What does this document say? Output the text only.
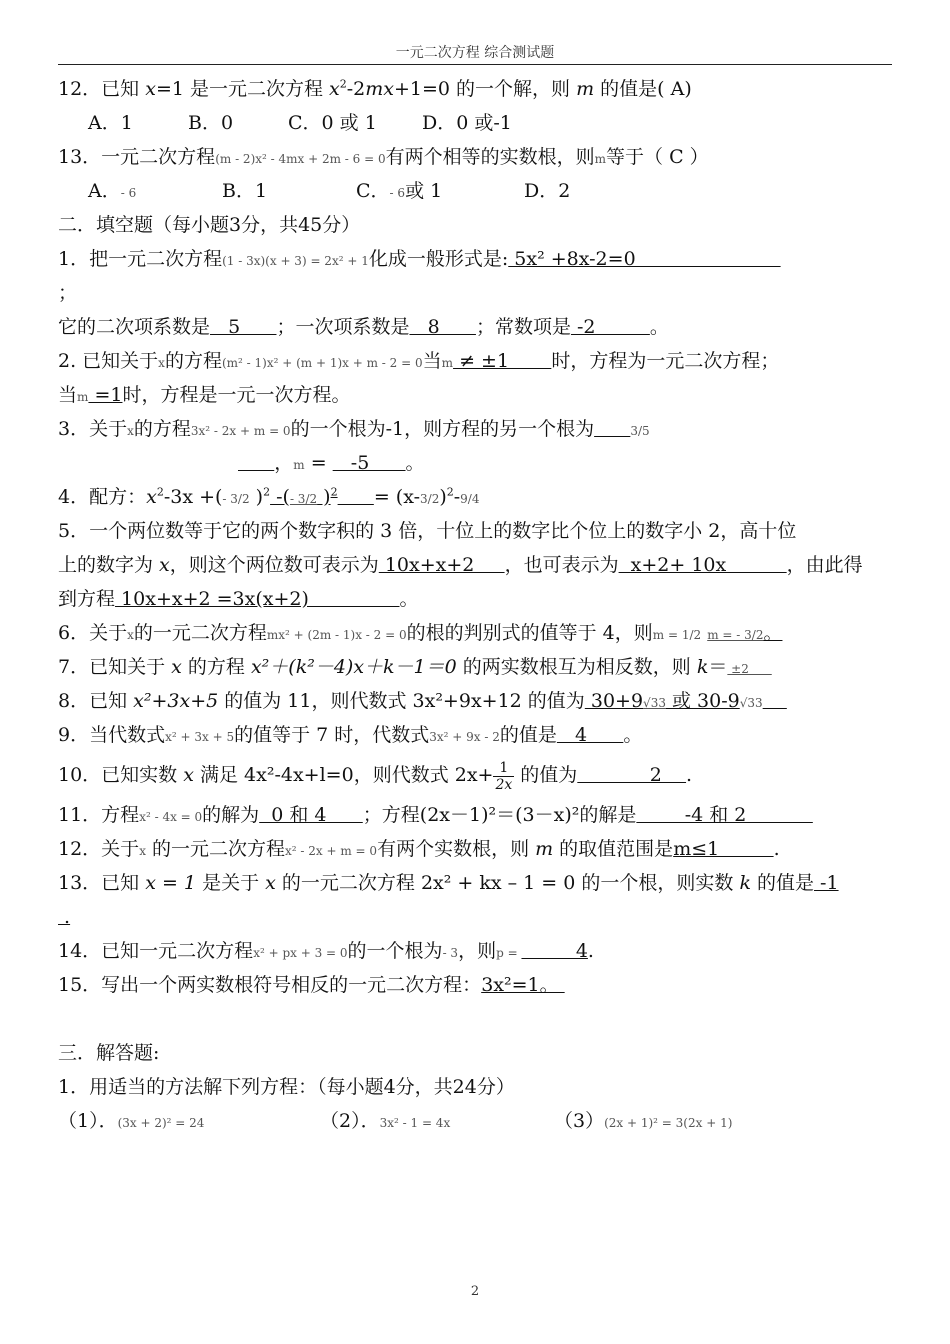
一元二次方程 综合测试题
12．已知 x=1 是一元二次方程 $x^2-2mx+1=0$ 的一个解，则 m 的值是( A)
A．1	B．0	C．0 或 1 D．0 或-1
13．一元二次方程(m - 2)x² - 4mx + 2m - 6 = 0有两个相等的实数根，则m等于（ C ）
A．- 6	B．1	C．- 6或 1	D．2
二．填空题（每小题3分，共45分）
1．把一元二次方程(1 - 3x)(x + 3) = 2x² + 1化成一般形式是: 5x² +8x-2=0
；
它的二次项系数是   5      ；一次项系数是   8      ；常数项是 -2         。
2. 已知关于x的方程(m² - 1)x² + (m + 1)x + m - 2 = 0当m ≠ ±1       时，方程为一元二次方程；
当m =1时，方程是一元一次方程。
3．关于x的方程3x² - 2x + m = 0的一个根为-1，则方程的另一个根为	3/5
，m =    -5      。
4．配方：$x^2-3x$ +(- 3/2 )$^2$ -(- 3/2 )$^2 = (x-3/2)^2-9/4$
5．一个两位数等于它的两个数字积的 3 倍，十位上的数字比个位上的数字小 2，高十位
上的数字为 x，则这个两位数可表示为 10x+x+2     ，也可表示为  x+2+ 10x          ，由此得
到方程 10x+x+2 =3x(x+2)               。
6．关于x的一元二次方程mx² + (2m - 1)x - 2 = 0的根的判别式的值等于 4，则m = 1/2 m = - 3/2。
7．已知关于 x 的方程 x²＋(k²－4)x＋k－1＝0 的两实数根互为相反数，则 k＝ ±2
8．已知 x²+3x+5 的值为 11，则代数式 3x²+9x+12 的值为 30+9√33 或 30-9√33
9．当代数式x² + 3x + 5的值等于 7 时，代数式3x² + 9x - 2的值是   4      。
10．已知实数 x 满足 4x²-4x+l=0，则代数式 $2x+ \frac{1}{2x}$ 的值为            2    .
11．方程x² - 4x = 0的解为  0 和 4      ；方程(2x－1)²＝(3－x)²的解是        -4 和 2
12．关于x 的一元二次方程x² - 2x + m = 0有两个实数根，则 m 的取值范围是m≤1         .
13．已知 x = 1 是关于 x 的一元二次方程 2x² + kx – 1 = 0 的一个根，则实数 k 的值是 -1
.
14．已知一元二次方程x² + px + 3 = 0的一个根为- 3，则p =          4.
15．写出一个两实数根符号相反的一元二次方程：3x²=1。
三．解答题:
1．用适当的方法解下列方程：（每小题4分，共24分）
（1）．(3x + 2)² = 24	（2）．3x² - 1 = 4x	（3）(2x + 1)² = 3(2x + 1)
2
